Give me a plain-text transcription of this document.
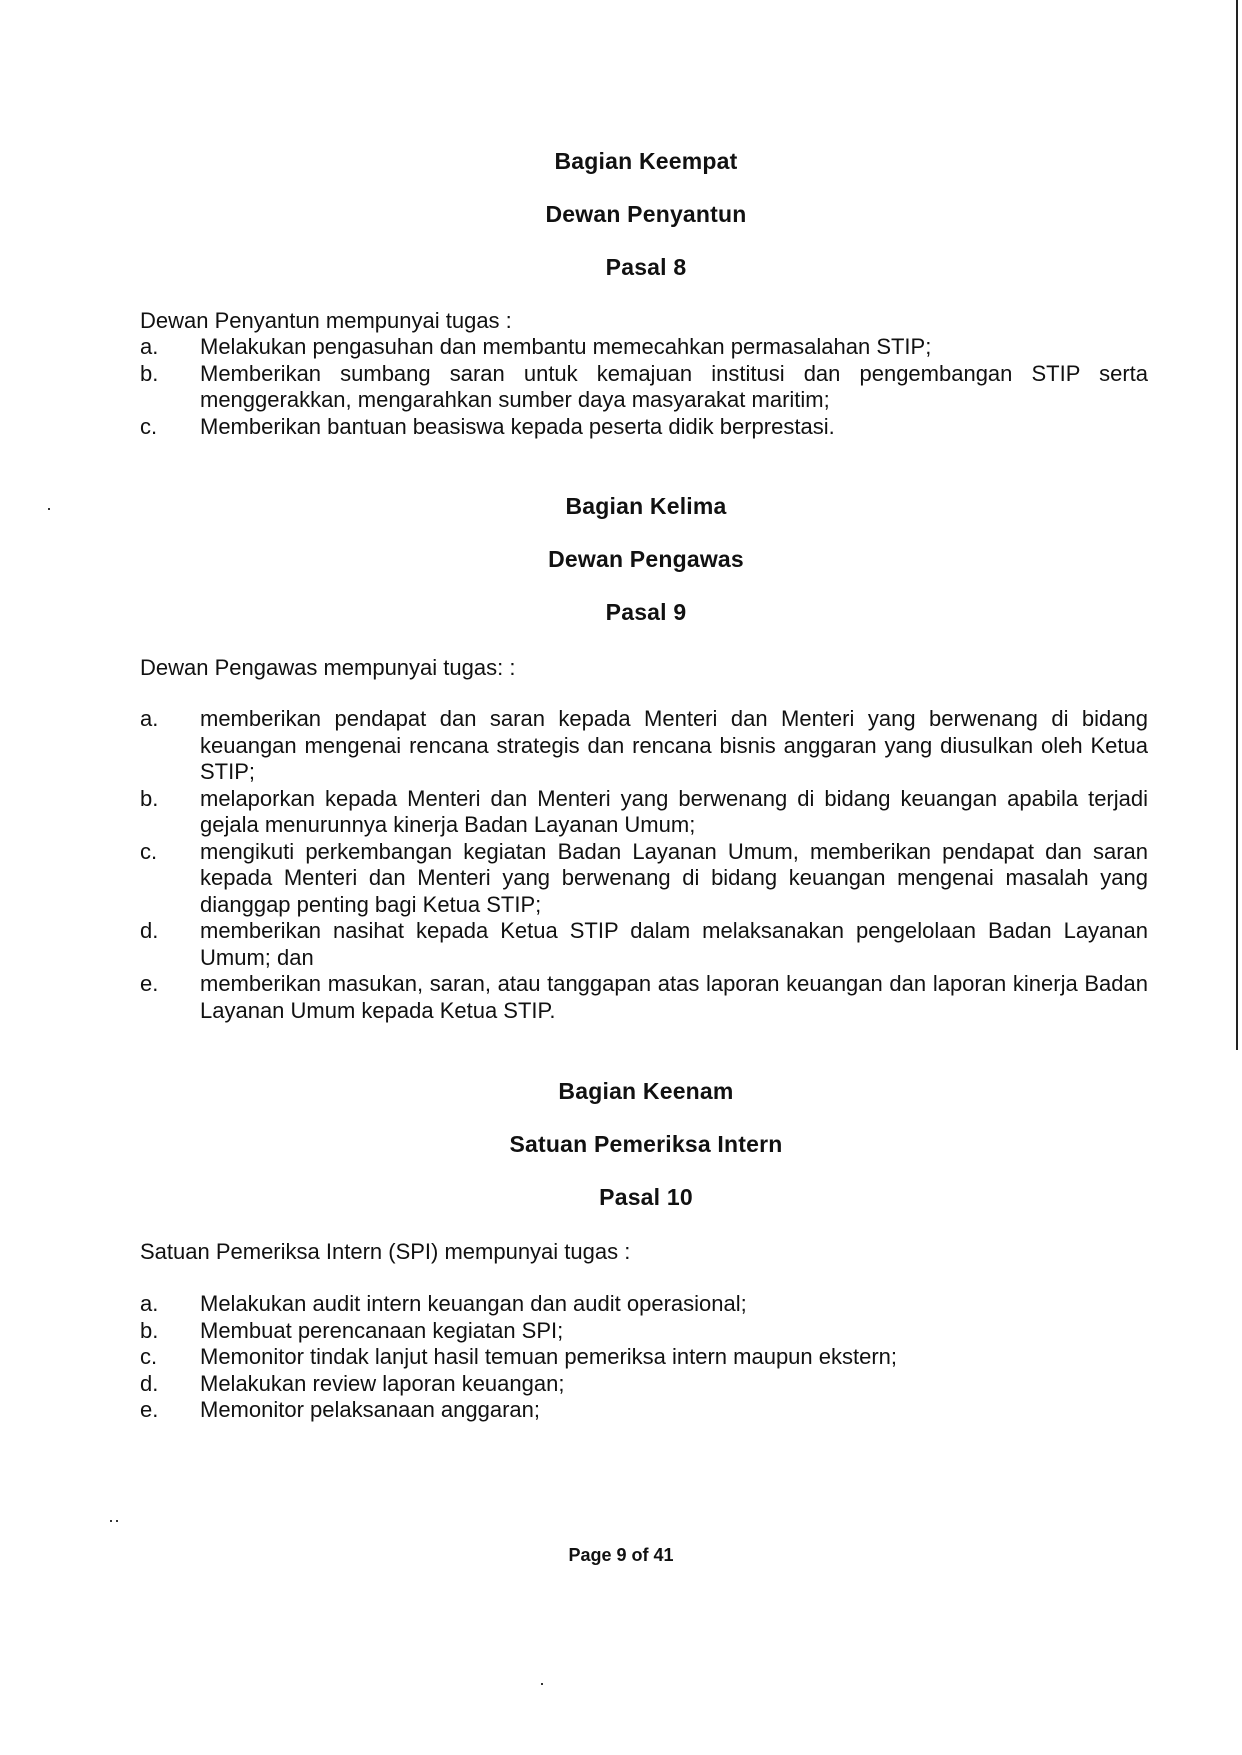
Bagian Keempat
Dewan Penyantun
Pasal 8
Dewan Penyantun mempunyai tugas :
a.	Melakukan pengasuhan dan membantu memecahkan permasalahan STIP;
b.	Memberikan sumbang saran untuk kemajuan institusi dan pengembangan STIP serta menggerakkan, mengarahkan sumber daya masyarakat maritim;
c.	Memberikan bantuan beasiswa kepada peserta didik berprestasi.
Bagian Kelima
Dewan Pengawas
Pasal 9
Dewan Pengawas mempunyai tugas: :
a.	memberikan pendapat dan saran kepada Menteri dan Menteri yang berwenang di bidang keuangan mengenai rencana strategis dan rencana bisnis anggaran yang diusulkan oleh Ketua STIP;
b.	melaporkan kepada Menteri dan Menteri yang berwenang di bidang keuangan apabila terjadi gejala menurunnya kinerja Badan Layanan Umum;
c.	mengikuti perkembangan kegiatan Badan Layanan Umum, memberikan pendapat dan saran kepada Menteri dan Menteri yang berwenang di bidang keuangan mengenai masalah yang dianggap penting bagi Ketua STIP;
d.	memberikan nasihat kepada Ketua STIP dalam melaksanakan pengelolaan Badan Layanan Umum; dan
e.	memberikan masukan, saran, atau tanggapan atas laporan keuangan dan laporan kinerja Badan Layanan Umum kepada Ketua STIP.
Bagian Keenam
Satuan Pemeriksa Intern
Pasal 10
Satuan Pemeriksa Intern (SPI) mempunyai tugas :
a.	Melakukan audit intern keuangan dan audit operasional;
b.	Membuat perencanaan kegiatan SPI;
c.	Memonitor tindak lanjut hasil temuan pemeriksa intern maupun ekstern;
d.	Melakukan review laporan keuangan;
e.	Memonitor pelaksanaan anggaran;
Page 9 of 41
